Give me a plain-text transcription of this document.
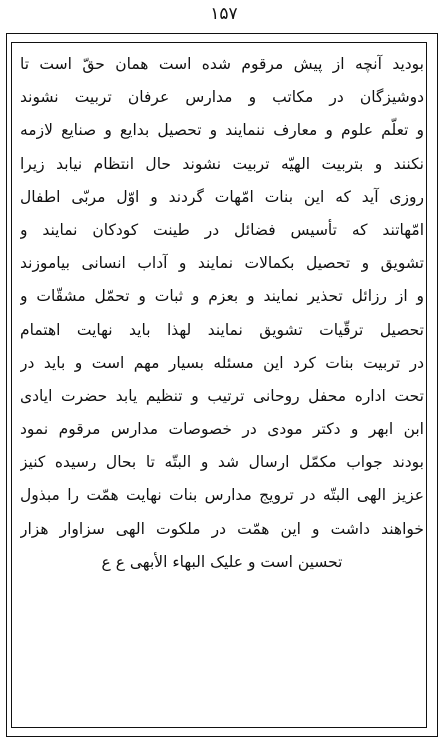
۱۵۷
بودید آنچه از پیش مرقوم شده است همان حقّ است تا
دوشیزگان در مکاتب و مدارس عرفان تربیت نشوند
و تعلّم علوم و معارف ننمایند و تحصیل بدایع و صنایع لازمه
نکنند و بتربیت الهیّه تربیت نشوند حال انتظام نیابد زیرا
روزی آید که این بنات امّهات گردند و اوّل مربّی اطفال
امّهاتند که تأسیس فضائل در طینت کودکان نمایند و
تشویق و تحصیل بکمالات نمایند و آداب انسانی بیاموزند
و از رزائل تحذیر نمایند و بعزم و ثبات و تحمّل مشقّات و
تحصیل ترقّیات تشویق نمایند لهذا باید نهایت اهتمام
در تربیت بنات کرد این مسئله بسیار مهم است و باید در
تحت اداره محفل روحانی ترتیب و تنظیم یابد حضرت ایادی
ابن ابهر و دکتر مودی در خصوصات مدارس مرقوم نمود
بودند جواب مکمّل ارسال شد و البتّه تا بحال رسیده کنیز
عزیز الهی البتّه در ترویج مدارس بنات نهایت همّت را مبذول
خواهند داشت و این همّت در ملکوت الهی سزاوار هزار
تحسین است و علیک البهاء الأبهی ع ع
